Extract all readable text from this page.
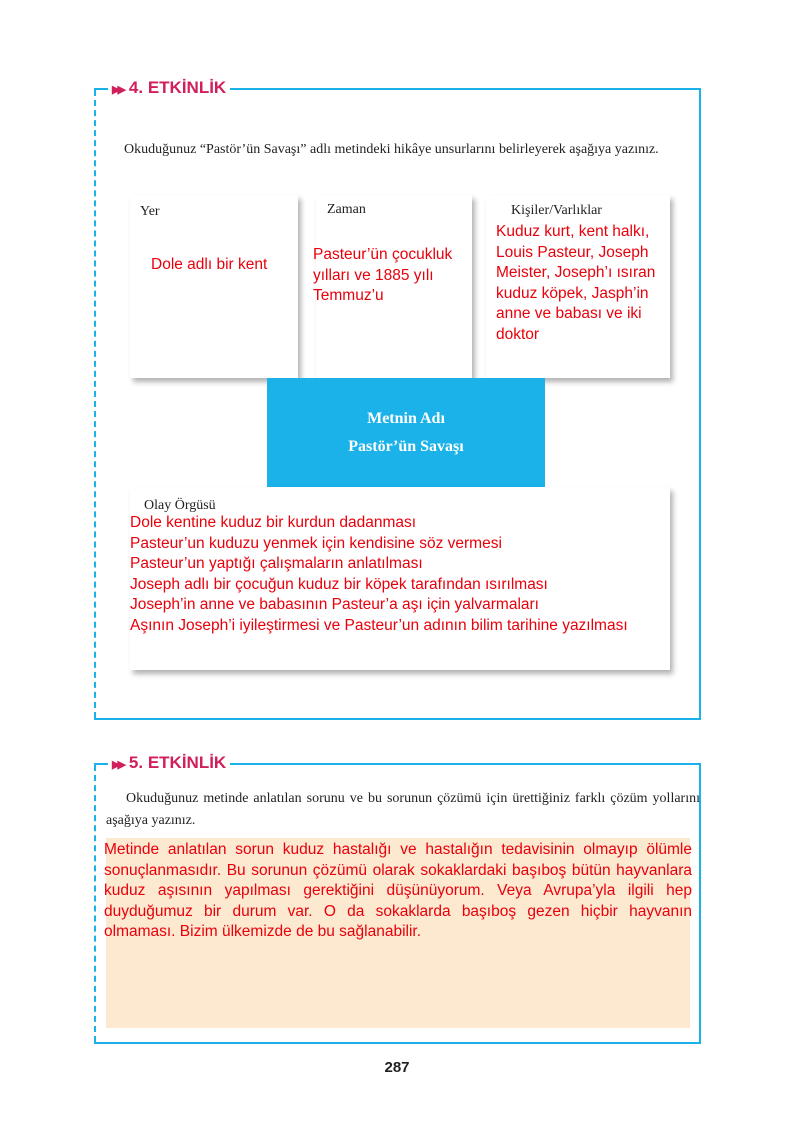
▶▶ 4. ETKİNLİK
Okuduğunuz “Pastör’ün Savaşı” adlı metindeki hikâye unsurlarını belirleyerek aşağıya yazınız.
Yer
Dole adlı bir kent
Zaman
Pasteur’ün çocukluk yılları ve 1885 yılı Temmuz’u
Kişiler/Varlıklar
Kuduz kurt, kent halkı, Louis Pasteur, Joseph Meister, Joseph’ı ısıran kuduz köpek, Jasph’in anne ve babası ve iki doktor
Metnin Adı
Pastör’ün Savaşı
Olay Örgüsü
Dole kentine kuduz bir kurdun dadanması
Pasteur’un kuduzu yenmek için kendisine söz vermesi
Pasteur’un yaptığı çalışmaların anlatılması
Joseph adlı bir çocuğun kuduz bir köpek tarafından ısırılması
Joseph’in anne ve babasının Pasteur’a aşı için yalvarmaları
Aşının Joseph’i iyileştirmesi ve Pasteur’un adının bilim tarihine yazılması
▶▶ 5. ETKİNLİK
Okuduğunuz metinde anlatılan sorunu ve bu sorunun çözümü için ürettiğiniz farklı çözüm yollarını aşağıya yazınız.
Metinde anlatılan sorun kuduz hastalığı ve hastalığın tedavisinin olmayıp ölümle sonuçlanmasıdır. Bu sorunun çözümü olarak sokaklardaki başıboş bütün hayvanlara kuduz aşısının yapılması gerektiğini düşünüyorum. Veya Avrupa’yla ilgili hep duyduğumuz bir durum var. O da sokaklarda başıboş gezen hiçbir hayvanın olmaması. Bizim ülkemizde de bu sağlanabilir.
287
